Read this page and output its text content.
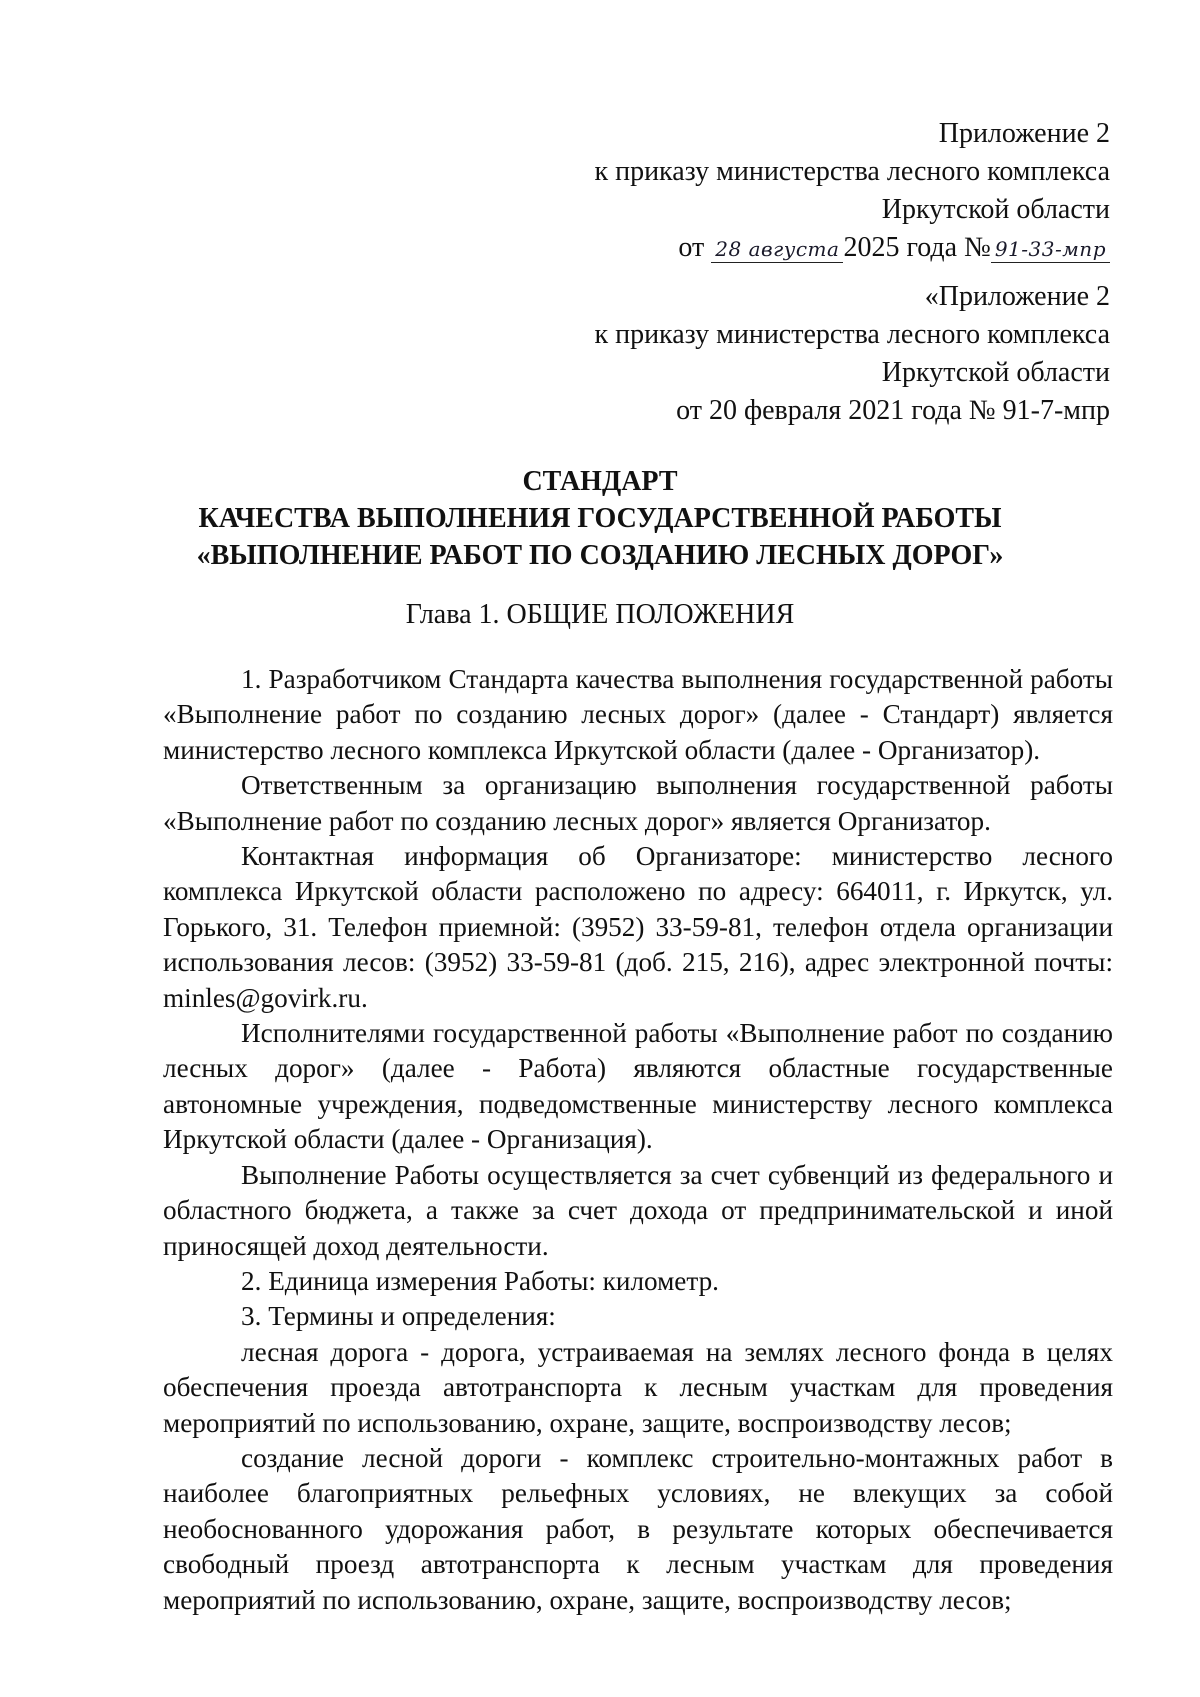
Приложение 2
к приказу министерства лесного комплекса
Иркутской области
от 28 августа 2025 года № 91-33-мпр
«Приложение 2
к приказу министерства лесного комплекса
Иркутской области
от 20 февраля 2021 года № 91-7-мпр
СТАНДАРТ
КАЧЕСТВА ВЫПОЛНЕНИЯ ГОСУДАРСТВЕННОЙ РАБОТЫ
«ВЫПОЛНЕНИЕ РАБОТ ПО СОЗДАНИЮ ЛЕСНЫХ ДОРОГ»
Глава 1. ОБЩИЕ ПОЛОЖЕНИЯ

1. Разработчиком Стандарта качества выполнения государственной работы «Выполнение работ по созданию лесных дорог» (далее - Стандарт) является министерство лесного комплекса Иркутской области (далее - Организатор).

Ответственным за организацию выполнения государственной работы «Выполнение работ по созданию лесных дорог» является Организатор.

Контактная информация об Организаторе: министерство лесного комплекса Иркутской области расположено по адресу: 664011, г. Иркутск, ул. Горького, 31. Телефон приемной: (3952) 33-59-81, телефон отдела организации использования лесов: (3952) 33-59-81 (доб. 215, 216), адрес электронной почты: minles@govirk.ru.

Исполнителями государственной работы «Выполнение работ по созданию лесных дорог» (далее - Работа) являются областные государственные автономные учреждения, подведомственные министерству лесного комплекса Иркутской области (далее - Организация).

Выполнение Работы осуществляется за счет субвенций из федерального и областного бюджета, а также за счет дохода от предпринимательской и иной приносящей доход деятельности.

2. Единица измерения Работы: километр.

3. Термины и определения:

лесная дорога - дорога, устраиваемая на землях лесного фонда в целях обеспечения проезда автотранспорта к лесным участкам для проведения мероприятий по использованию, охране, защите, воспроизводству лесов;

создание лесной дороги - комплекс строительно-монтажных работ в наиболее благоприятных рельефных условиях, не влекущих за собой необоснованного удорожания работ, в результате которых обеспечивается свободный проезд автотранспорта к лесным участкам для проведения мероприятий по использованию, охране, защите, воспроизводству лесов;
